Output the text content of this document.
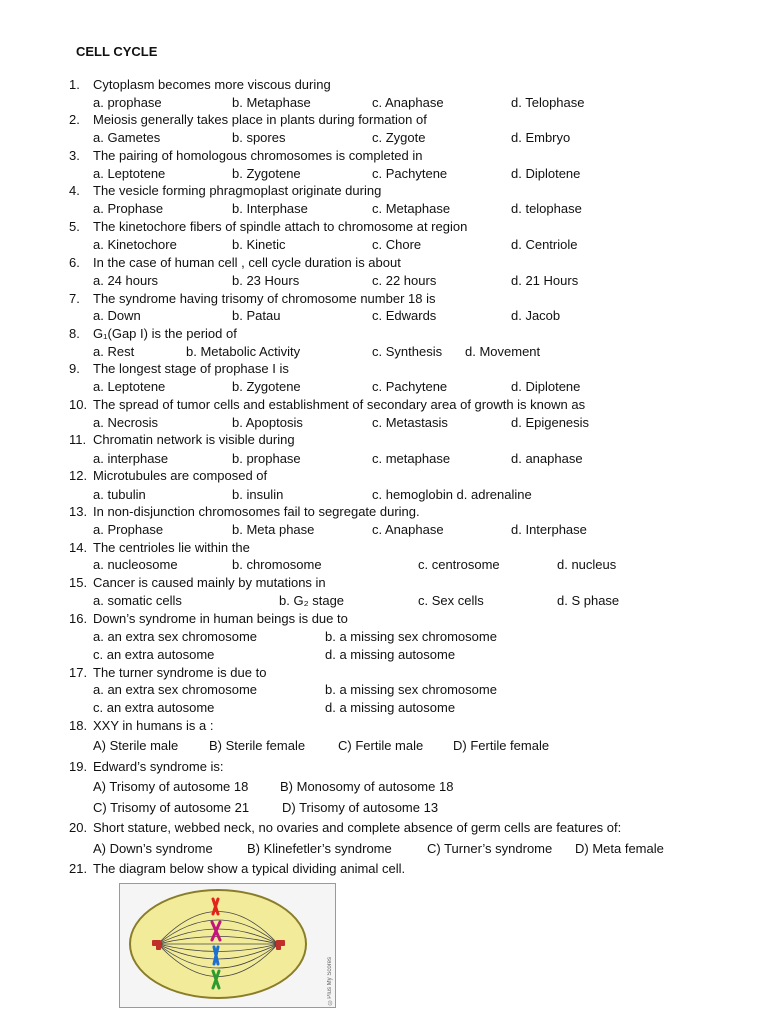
CELL CYCLE
1. Cytoplasm becomes more viscous during
a. prophase	b. Metaphase	c. Anaphase	d. Telophase
2. Meiosis generally takes place in plants during formation of
a. Gametes	b. spores	c. Zygote	d. Embryo
3. The pairing of homologous chromosomes is completed in
a. Leptotene	b. Zygotene	c. Pachytene	d. Diplotene
4. The vesicle forming phragmoplast originate during
a. Prophase	b. Interphase	c. Metaphase	d. telophase
5. The kinetochore fibers of spindle attach to chromosome at region
a. Kinetochore	b. Kinetic	c. Chore	d. Centriole
6. In the case of human cell , cell cycle duration is about
a. 24 hours	b. 23 Hours	c. 22 hours	d. 21 Hours
7. The syndrome having trisomy of chromosome number 18 is
a. Down	b. Patau	c. Edwards	d. Jacob
8. G₁(Gap I) is the period of
a. Rest	b. Metabolic Activity	c. Synthesis d. Movement
9. The longest stage of prophase I is
a. Leptotene	b. Zygotene	c. Pachytene	d. Diplotene
10. The spread of tumor cells and establishment of secondary area of growth is known as
a. Necrosis	b. Apoptosis	c. Metastasis	d. Epigenesis
11. Chromatin network is visible during
a. interphase	b. prophase	c. metaphase	d. anaphase
12. Microtubules are composed of
a. tubulin	b. insulin	c. hemoglobin d. adrenaline
13. In non-disjunction chromosomes fail to segregate during.
a. Prophase	b. Meta phase	c. Anaphase	d. Interphase
14. The centrioles lie within the
a. nucleosome	b. chromosome	c. centrosome	d. nucleus
15. Cancer is caused mainly by mutations in
a. somatic cells	b. G₂ stage	c. Sex cells	d. S phase
16. Down’s syndrome in human beings is due to
a. an extra sex chromosome	b. a missing sex chromosome
c. an extra autosome	d. a missing autosome
17. The turner syndrome is due to
a. an extra sex chromosome	b. a missing sex chromosome
c. an extra autosome	d. a missing autosome
18. XXY in humans is a :
A) Sterile male B) Sterile female	C) Fertile male D) Fertile female
19. Edward’s syndrome is:
A) Trisomy of autosome 18 B) Monosomy of autosome 18
C) Trisomy of autosome 21	D) Trisomy of autosome 13
20. Short stature, webbed neck, no ovaries and complete absence of germ cells are features of:
A) Down’s syndrome	B) Klinefetler’s syndrome	C) Turner’s syndrome D) Meta female
21. The diagram below show a typical dividing animal cell.
©Plus My Scores
